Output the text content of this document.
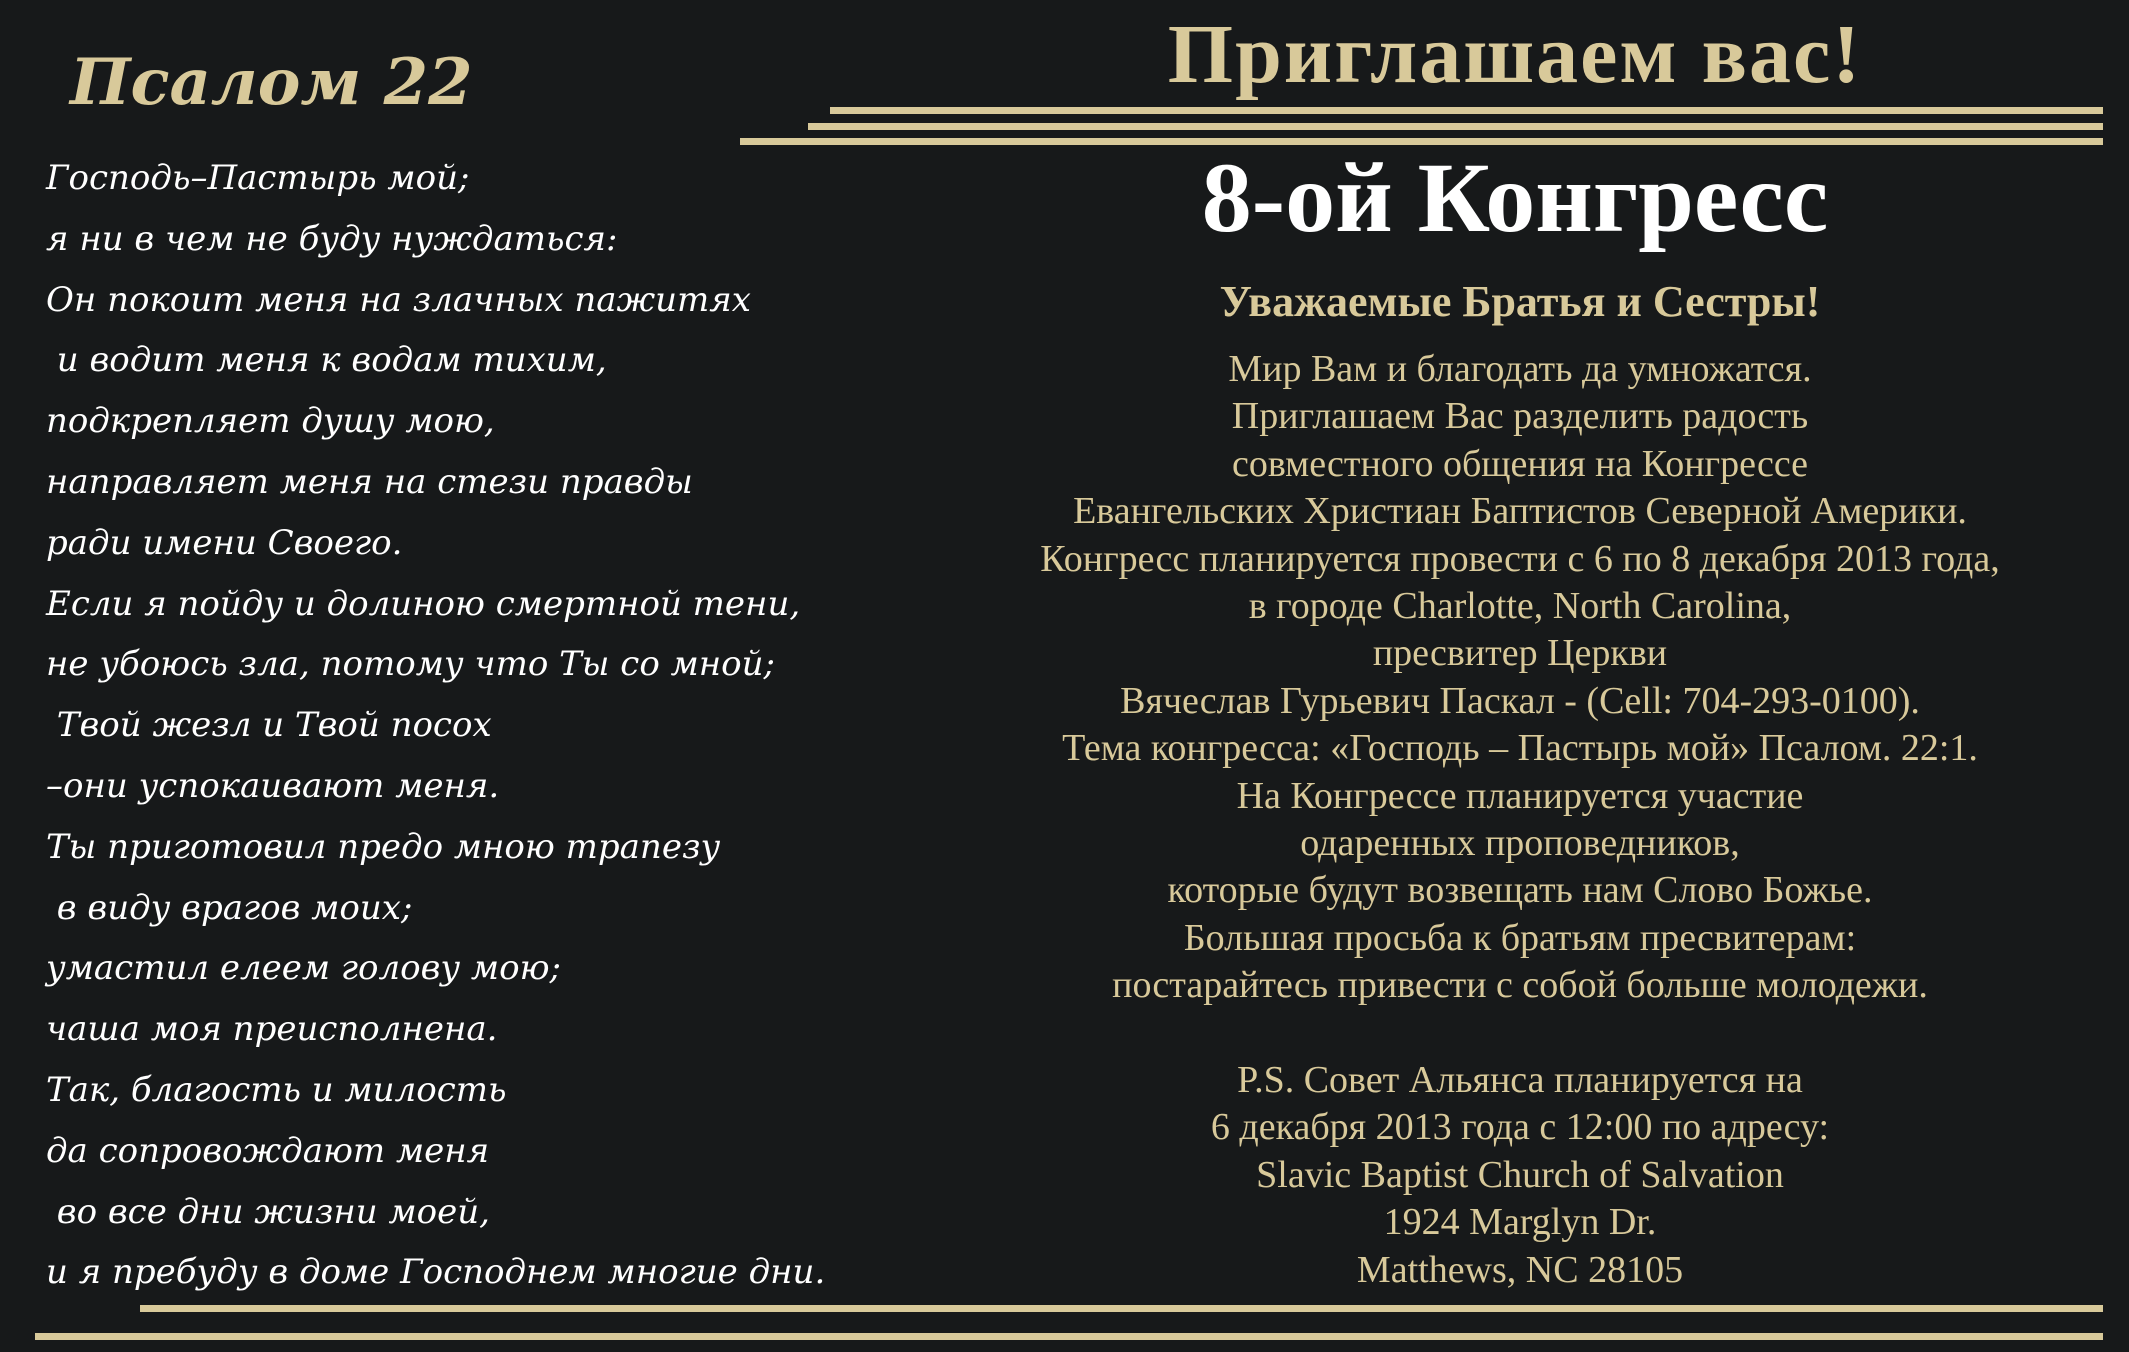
Псалом 22
Господь–Пастырь мой;
я ни в чем не буду нуждаться:
Он покоит меня на злачных пажитях
и водит меня к водам тихим,
подкрепляет душу мою,
направляет меня на стези правды
ради имени Своего.
Если я пойду и долиною смертной тени,
не убоюсь зла, потому что Ты со мной;
Твой жезл и Твой посох
–они успокаивают меня.
Ты приготовил предо мною трапезу
в виду врагов моих;
умастил елеем голову мою;
чаша моя преисполнена.
Так, благость и милость
да сопровождают меня
во все дни жизни моей,
и я пребуду в доме Господнем многие дни.
Приглашаем вас!
8-ой Конгресс
Уважаемые Братья и Сестры!
Мир Вам и благодать да умножатся.
Приглашаем Вас разделить радость
совместного общения на Конгрессе
Евангельских Христиан Баптистов Северной Америки.
Конгресс планируется провести с 6 по 8 декабря 2013 года,
в городе Charlotte, North Carolina,
пресвитер Церкви
Вячеслав Гурьевич Паскал - (Cell: 704-293-0100).
Тема конгресса: «Господь – Пастырь мой» Псалом. 22:1.
На Конгрессе планируется участие
одаренных проповедников,
которые будут возвещать нам Слово Божье.
Большая просьба к братьям пресвитерам:
постарайтесь привести с собой больше молодежи.
P.S. Совет Альянса планируется на
6 декабря 2013 года с 12:00 по адресу:
Slavic Baptist Church of Salvation
1924 Marglyn Dr.
Matthews, NC 28105
